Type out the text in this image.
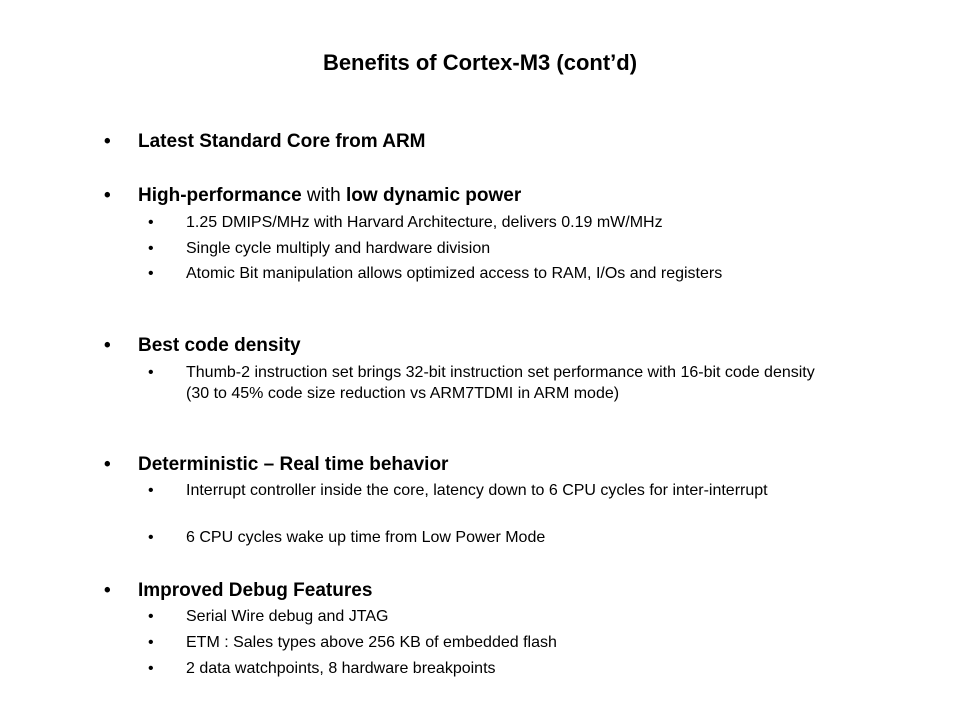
Benefits of Cortex-M3 (cont’d)
• Latest Standard Core from ARM
• High-performance with low dynamic power
• 1.25 DMIPS/MHz with Harvard Architecture, delivers 0.19 mW/MHz
• Single cycle multiply and hardware division
• Atomic Bit manipulation allows optimized access to RAM, I/Os and registers
• Best code density
• Thumb-2 instruction set brings 32-bit instruction set performance with 16-bit code density (30 to 45% code size reduction vs ARM7TDMI in ARM mode)
• Deterministic – Real time behavior
• Interrupt controller inside the core, latency down to 6 CPU cycles for inter-interrupt
• 6 CPU cycles wake up time from Low Power Mode
• Improved Debug Features
• Serial Wire debug and JTAG
• ETM : Sales types above 256 KB of embedded flash
• 2 data watchpoints, 8 hardware breakpoints
